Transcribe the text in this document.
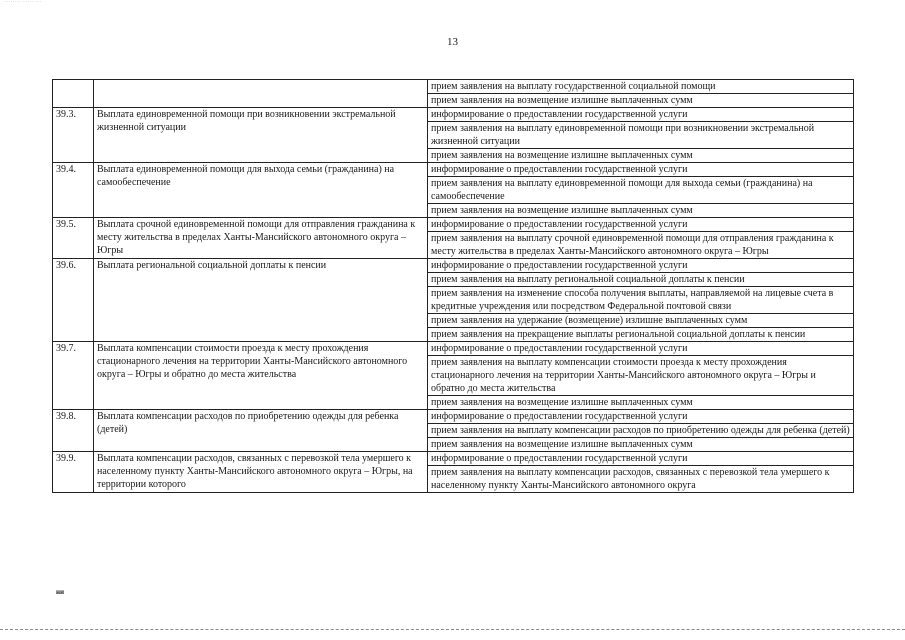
········ ····· ···
13
		прием заявления на выплату государственной социальной помощи
		прием заявления на возмещение излишне выплаченных сумм
39.3.	Выплата единовременной помощи при возникновении экстремальной жизненной ситуации	информирование о предоставлении государственной услуги
		прием заявления на выплату единовременной помощи при возникновении экстремальной жизненной ситуации
		прием заявления на возмещение излишне выплаченных сумм
39.4.	Выплата единовременной помощи для выхода семьи (гражданина) на самообеспечение	информирование о предоставлении государственной услуги
		прием заявления на выплату единовременной помощи для выхода семьи (гражданина) на самообеспечение
		прием заявления на возмещение излишне выплаченных сумм
39.5.	Выплата срочной единовременной помощи для отправления гражданина к месту жительства в пределах Ханты-Мансийского автономного округа – Югры	информирование о предоставлении государственной услуги
		прием заявления на выплату срочной единовременной помощи для отправления гражданина к месту жительства в пределах Ханты-Мансийского автономного округа – Югры
39.6.	Выплата региональной социальной доплаты к пенсии	информирование о предоставлении государственной услуги
		прием заявления на выплату региональной социальной доплаты к пенсии
		прием заявления на изменение способа получения выплаты, направляемой на лицевые счета в кредитные учреждения или посредством Федеральной почтовой связи
		прием заявления на удержание (возмещение) излишне выплаченных сумм
		прием заявления на прекращение выплаты региональной социальной доплаты к пенсии
39.7.	Выплата компенсации стоимости проезда к месту прохождения стационарного лечения на территории Ханты-Мансийского автономного округа – Югры и обратно до места жительства	информирование о предоставлении государственной услуги
		прием заявления на выплату компенсации стоимости проезда к месту прохождения стационарного лечения на территории Ханты-Мансийского автономного округа – Югры и обратно до места жительства
		прием заявления на возмещение излишне выплаченных сумм
39.8.	Выплата компенсации расходов по приобретению одежды для ребенка (детей)	информирование о предоставлении государственной услуги
		прием заявления на выплату компенсации расходов по приобретению одежды для ребенка (детей)
		прием заявления на возмещение излишне выплаченных сумм
39.9.	Выплата компенсации расходов, связанных с перевозкой тела умершего к населенному пункту Ханты-Мансийского автономного округа – Югры, на территории которого	информирование о предоставлении государственной услуги
		прием заявления на выплату компенсации расходов, связанных с перевозкой тела умершего к населенному пункту Ханты-Мансийского автономного округа
ни
